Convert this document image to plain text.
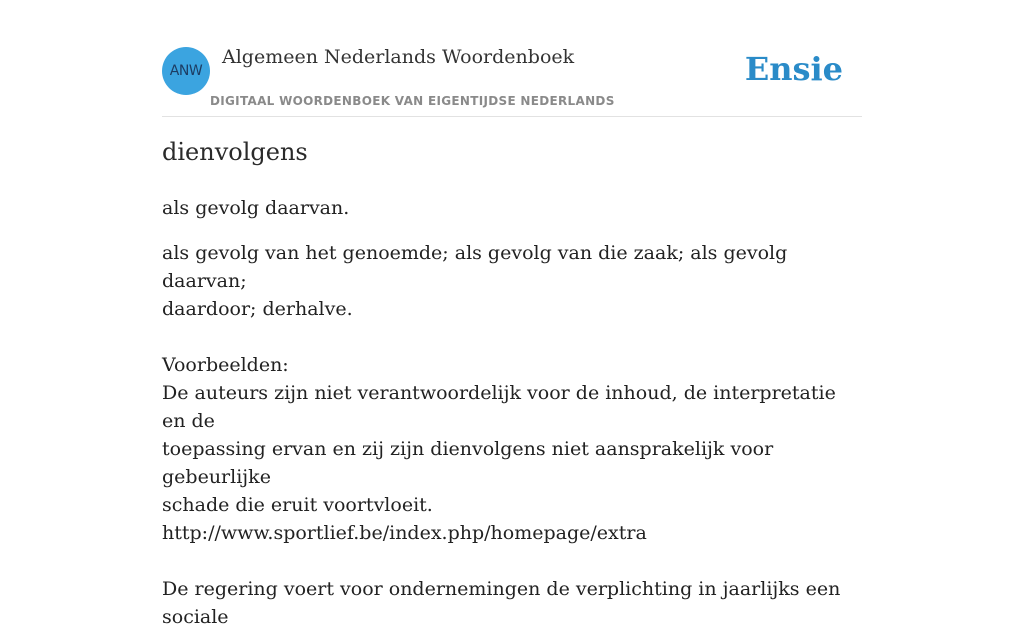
ANW
Algemeen Nederlands Woordenboek
DIGITAAL WOORDENBOEK VAN EIGENTIJDSE NEDERLANDS
Ensie
dienvolgens

als gevolg daarvan.

als gevolg van het genoemde; als gevolg van die zaak; als gevolg daarvan;

daardoor; derhalve.

Voorbeelden:

De auteurs zijn niet verantwoordelijk voor de inhoud, de interpretatie en de

toepassing ervan en zij zijn dienvolgens niet aansprakelijk voor gebeurlijke

schade die eruit voortvloeit.

http://www.sportlief.be/index.php/homepage/extra

De regering voert voor ondernemingen de verplichting in jaarlijks een sociale
